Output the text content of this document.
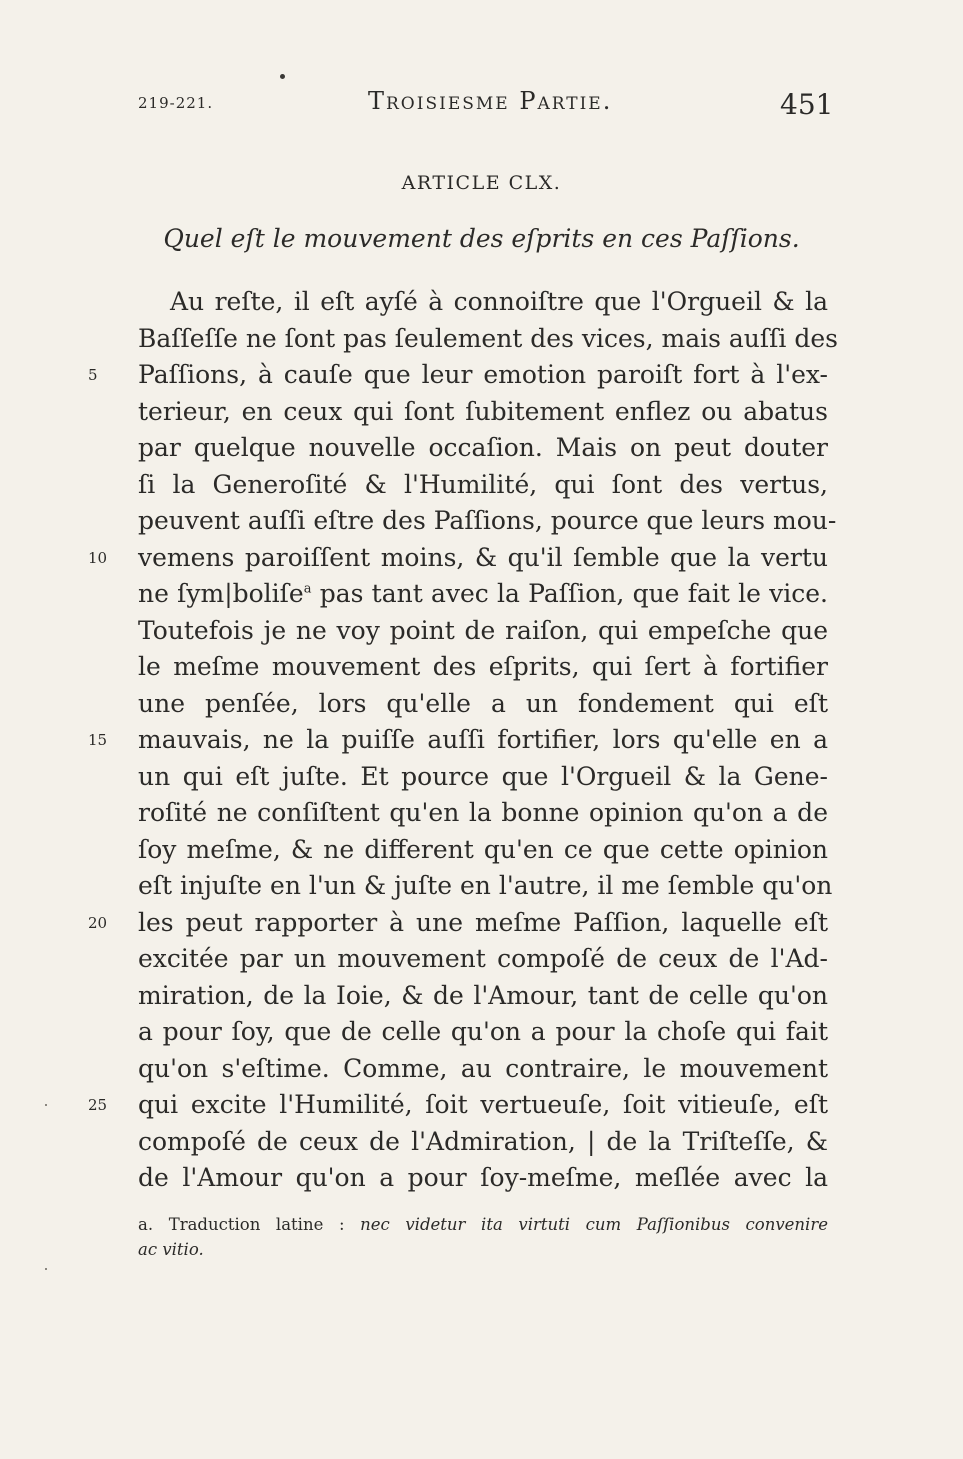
219-221.	Troisiesme Partie.	451
ARTICLE CLX.
Quel eſt le mouvement des eſprits en ces Paſſions.
Au reſte, il eſt ayſé à connoiſtre que l'Orgueil & la
Baſſeſſe ne ſont pas ſeulement des vices, mais auſſi des
5	Paſſions, à cauſe que leur emotion paroiſt fort à l'ex-
terieur, en ceux qui ſont ſubitement enflez ou abatus
par quelque nouvelle occaſion. Mais on peut douter
ſi la Generoſité & l'Humilité, qui ſont des vertus,
peuvent auſſi eſtre des Paſſions, pource que leurs mou-
10 vemens paroiſſent moins, & qu'il ſemble que la vertu
ne ſym|boliſe$^a$ pas tant avec la Paſſion, que fait le vice.
Toutefois je ne voy point de raiſon, qui empeſche que
le meſme mouvement des eſprits, qui ſert à fortifier
une penſée, lors qu'elle a un fondement qui eſt
15 mauvais, ne la puiſſe auſſi fortifier, lors qu'elle en a
un qui eſt juſte. Et pource que l'Orgueil & la Gene-
roſité ne conſiſtent qu'en la bonne opinion qu'on a de
ſoy meſme, & ne different qu'en ce que cette opinion
eſt injuſte en l'un & juſte en l'autre, il me ſemble qu'on
20 les peut rapporter à une meſme Paſſion, laquelle eſt
excitée par un mouvement compoſé de ceux de l'Ad-
miration, de la Ioie, & de l'Amour, tant de celle qu'on
a pour ſoy, que de celle qu'on a pour la choſe qui fait
qu'on s'eſtime. Comme, au contraire, le mouvement
25 qui excite l'Humilité, ſoit vertueuſe, ſoit vitieuſe, eſt
compoſé de ceux de l'Admiration, | de la Triſteſſe, &
de l'Amour qu'on a pour ſoy-meſme, meſlée avec la
a. Traduction latine : nec videtur ita virtuti cum Paſſionibus convenire
ac vitio.
